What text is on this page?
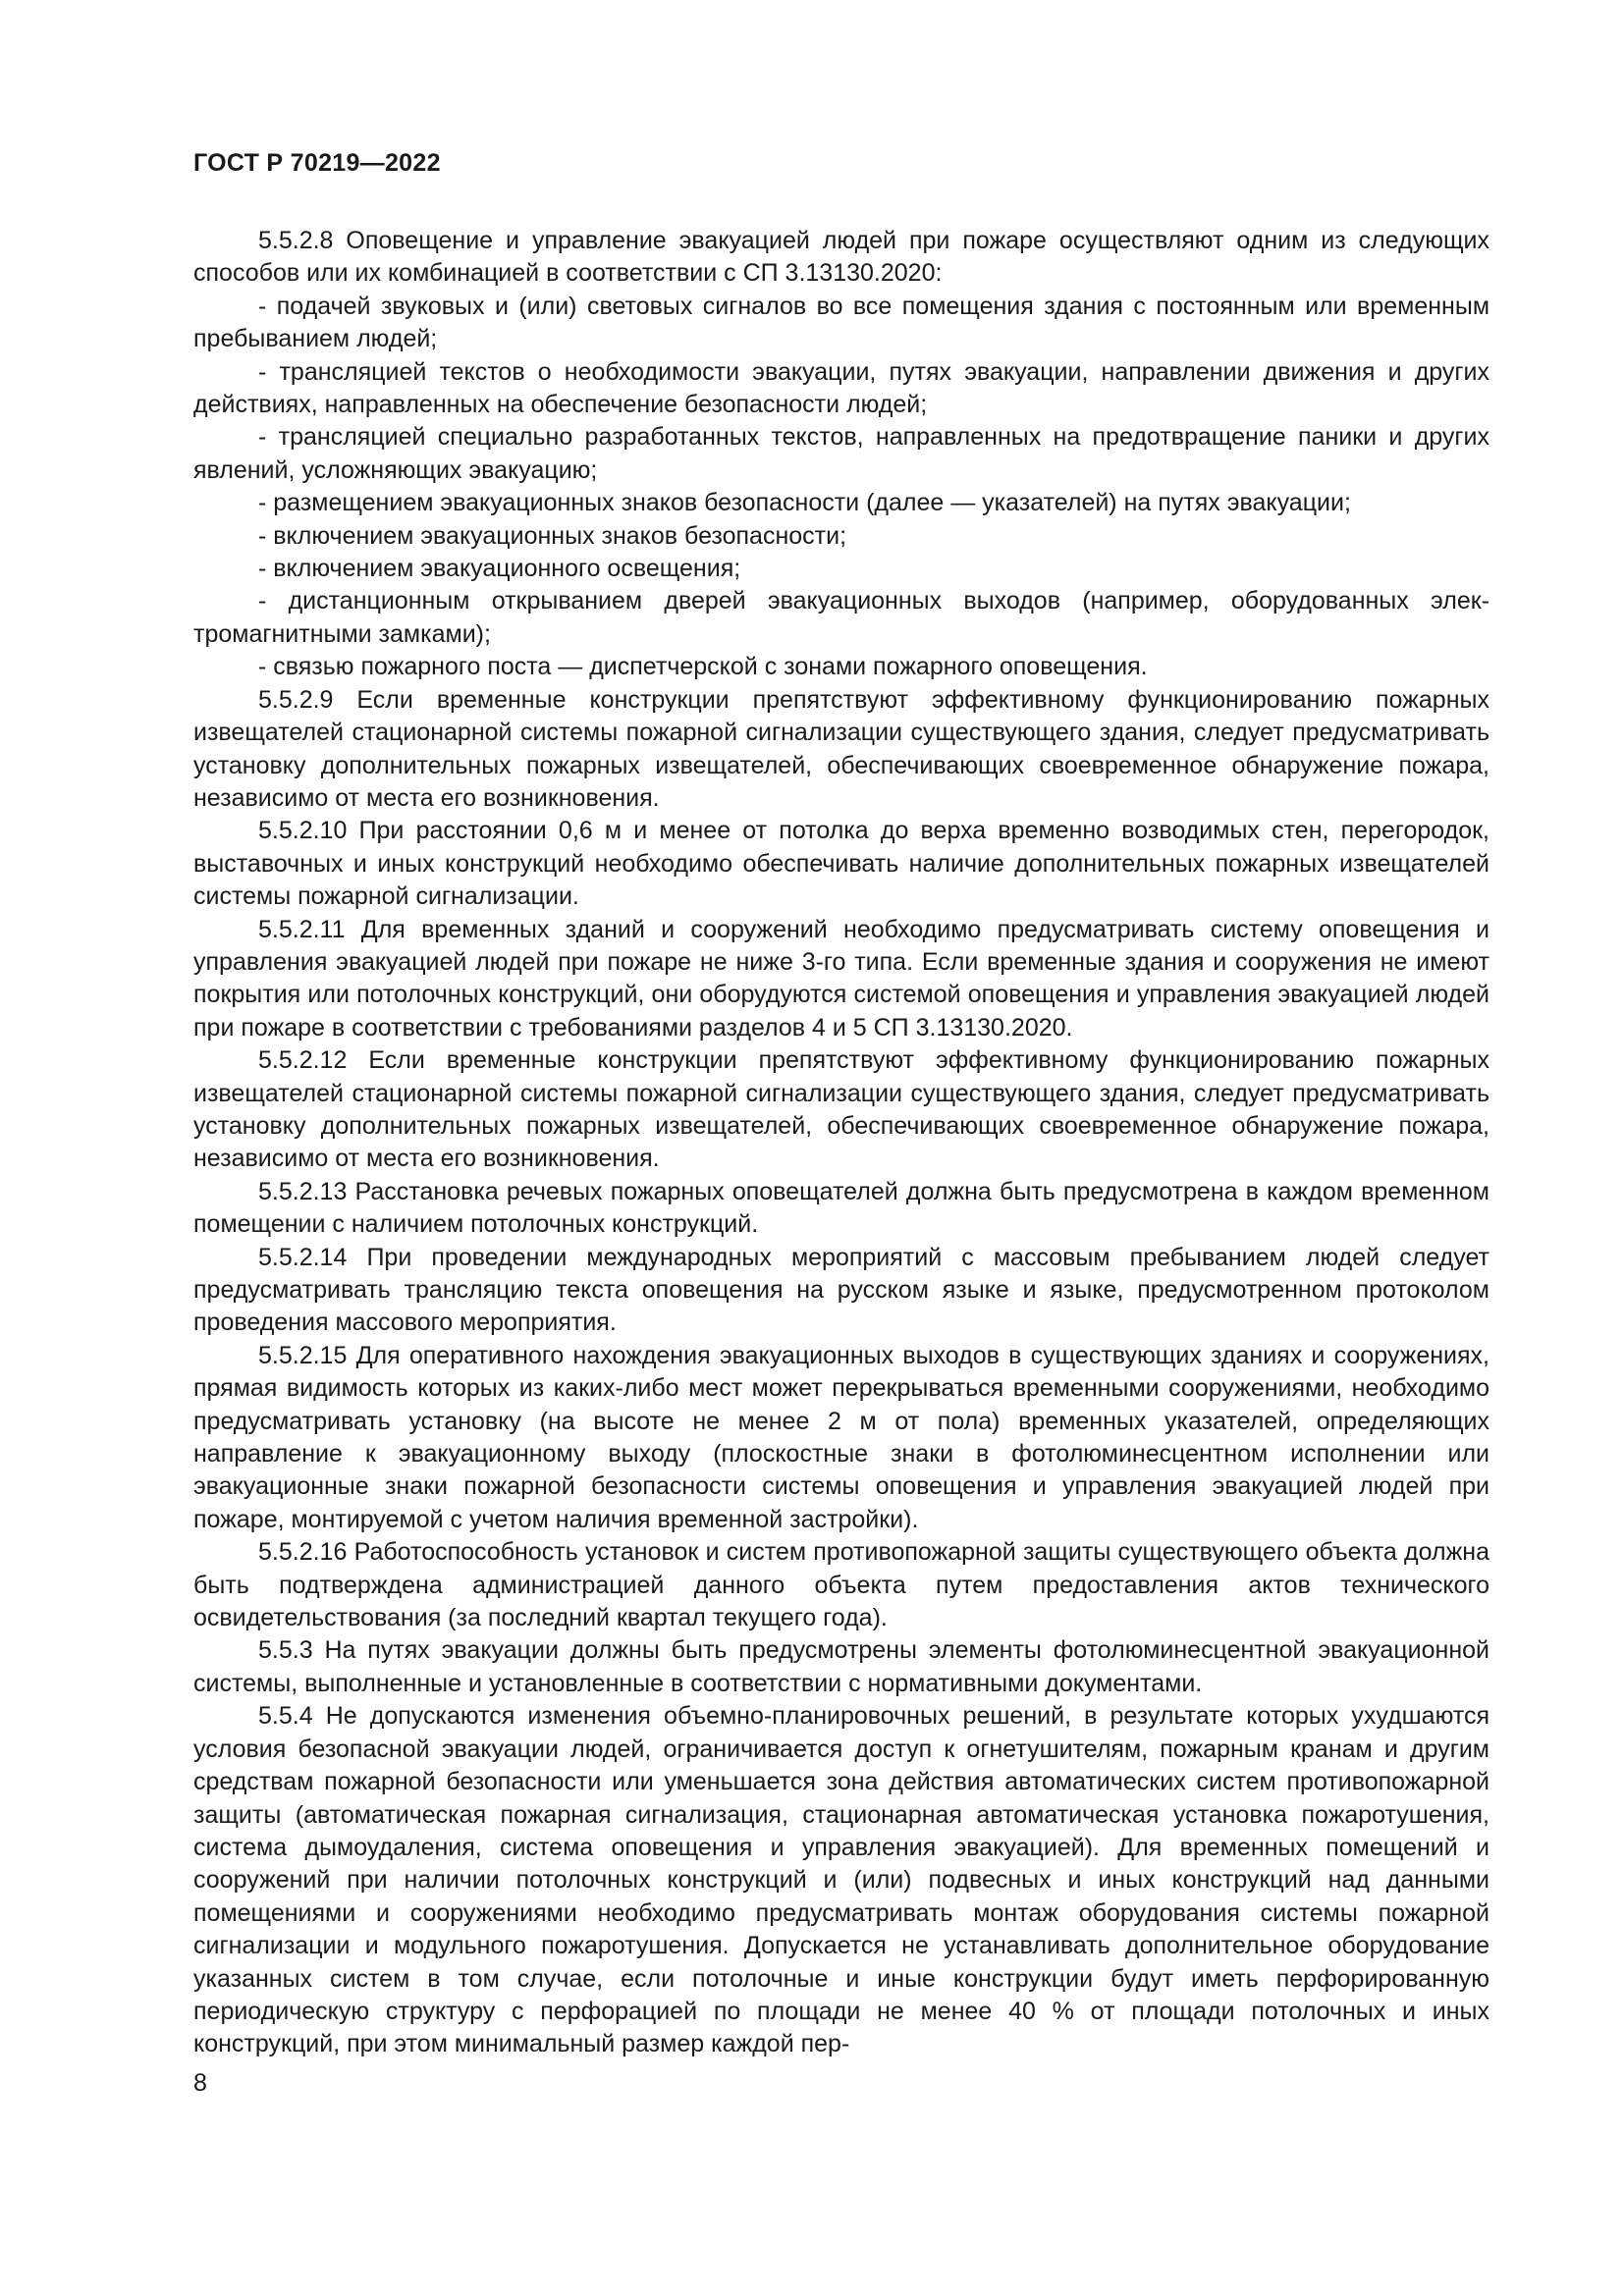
ГОСТ Р 70219—2022

5.5.2.8 Оповещение и управление эвакуацией людей при пожаре осуществляют одним из следующих способов или их комбинацией в соответствии с СП 3.13130.2020:

- подачей звуковых и (или) световых сигналов во все помещения здания с постоянным или временным пребыванием людей;

- трансляцией текстов о необходимости эвакуации, путях эвакуации, направлении движения и других действиях, направленных на обеспечение безопасности людей;

- трансляцией специально разработанных текстов, направленных на предотвращение паники и других явлений, усложняющих эвакуацию;

- размещением эвакуационных знаков безопасности (далее — указателей) на путях эвакуации;

- включением эвакуационных знаков безопасности;

- включением эвакуационного освещения;

- дистанционным открыванием дверей эвакуационных выходов (например, оборудованных электромагнитными замками);

- связью пожарного поста — диспетчерской с зонами пожарного оповещения.

5.5.2.9 Если временные конструкции препятствуют эффективному функционированию пожарных извещателей стационарной системы пожарной сигнализации существующего здания, следует предусматривать установку дополнительных пожарных извещателей, обеспечивающих своевременное обнаружение пожара, независимо от места его возникновения.

5.5.2.10 При расстоянии 0,6 м и менее от потолка до верха временно возводимых стен, перегородок, выставочных и иных конструкций необходимо обеспечивать наличие дополнительных пожарных извещателей системы пожарной сигнализации.

5.5.2.11 Для временных зданий и сооружений необходимо предусматривать систему оповещения и управления эвакуацией людей при пожаре не ниже 3-го типа. Если временные здания и сооружения не имеют покрытия или потолочных конструкций, они оборудуются системой оповещения и управления эвакуацией людей при пожаре в соответствии с требованиями разделов 4 и 5 СП 3.13130.2020.

5.5.2.12 Если временные конструкции препятствуют эффективному функционированию пожарных извещателей стационарной системы пожарной сигнализации существующего здания, следует предусматривать установку дополнительных пожарных извещателей, обеспечивающих своевременное обнаружение пожара, независимо от места его возникновения.

5.5.2.13 Расстановка речевых пожарных оповещателей должна быть предусмотрена в каждом временном помещении с наличием потолочных конструкций.

5.5.2.14 При проведении международных мероприятий с массовым пребыванием людей следует предусматривать трансляцию текста оповещения на русском языке и языке, предусмотренном протоколом проведения массового мероприятия.

5.5.2.15 Для оперативного нахождения эвакуационных выходов в существующих зданиях и сооружениях, прямая видимость которых из каких-либо мест может перекрываться временными сооружениями, необходимо предусматривать установку (на высоте не менее 2 м от пола) временных указателей, определяющих направление к эвакуационному выходу (плоскостные знаки в фотолюминесцентном исполнении или эвакуационные знаки пожарной безопасности системы оповещения и управления эвакуацией людей при пожаре, монтируемой с учетом наличия временной застройки).

5.5.2.16 Работоспособность установок и систем противопожарной защиты существующего объекта должна быть подтверждена администрацией данного объекта путем предоставления актов технического освидетельствования (за последний квартал текущего года).

5.5.3 На путях эвакуации должны быть предусмотрены элементы фотолюминесцентной эвакуационной системы, выполненные и установленные в соответствии с нормативными документами.

5.5.4 Не допускаются изменения объемно-планировочных решений, в результате которых ухудшаются условия безопасной эвакуации людей, ограничивается доступ к огнетушителям, пожарным кранам и другим средствам пожарной безопасности или уменьшается зона действия автоматических систем противопожарной защиты (автоматическая пожарная сигнализация, стационарная автоматическая установка пожаротушения, система дымоудаления, система оповещения и управления эвакуацией). Для временных помещений и сооружений при наличии потолочных конструкций и (или) подвесных и иных конструкций над данными помещениями и сооружениями необходимо предусматривать монтаж оборудования системы пожарной сигнализации и модульного пожаротушения. Допускается не устанавливать дополнительное оборудование указанных систем в том случае, если потолочные и иные конструкции будут иметь перфорированную периодическую структуру с перфорацией по площади не менее 40 % от площади потолочных и иных конструкций, при этом минимальный размер каждой пер-

8
